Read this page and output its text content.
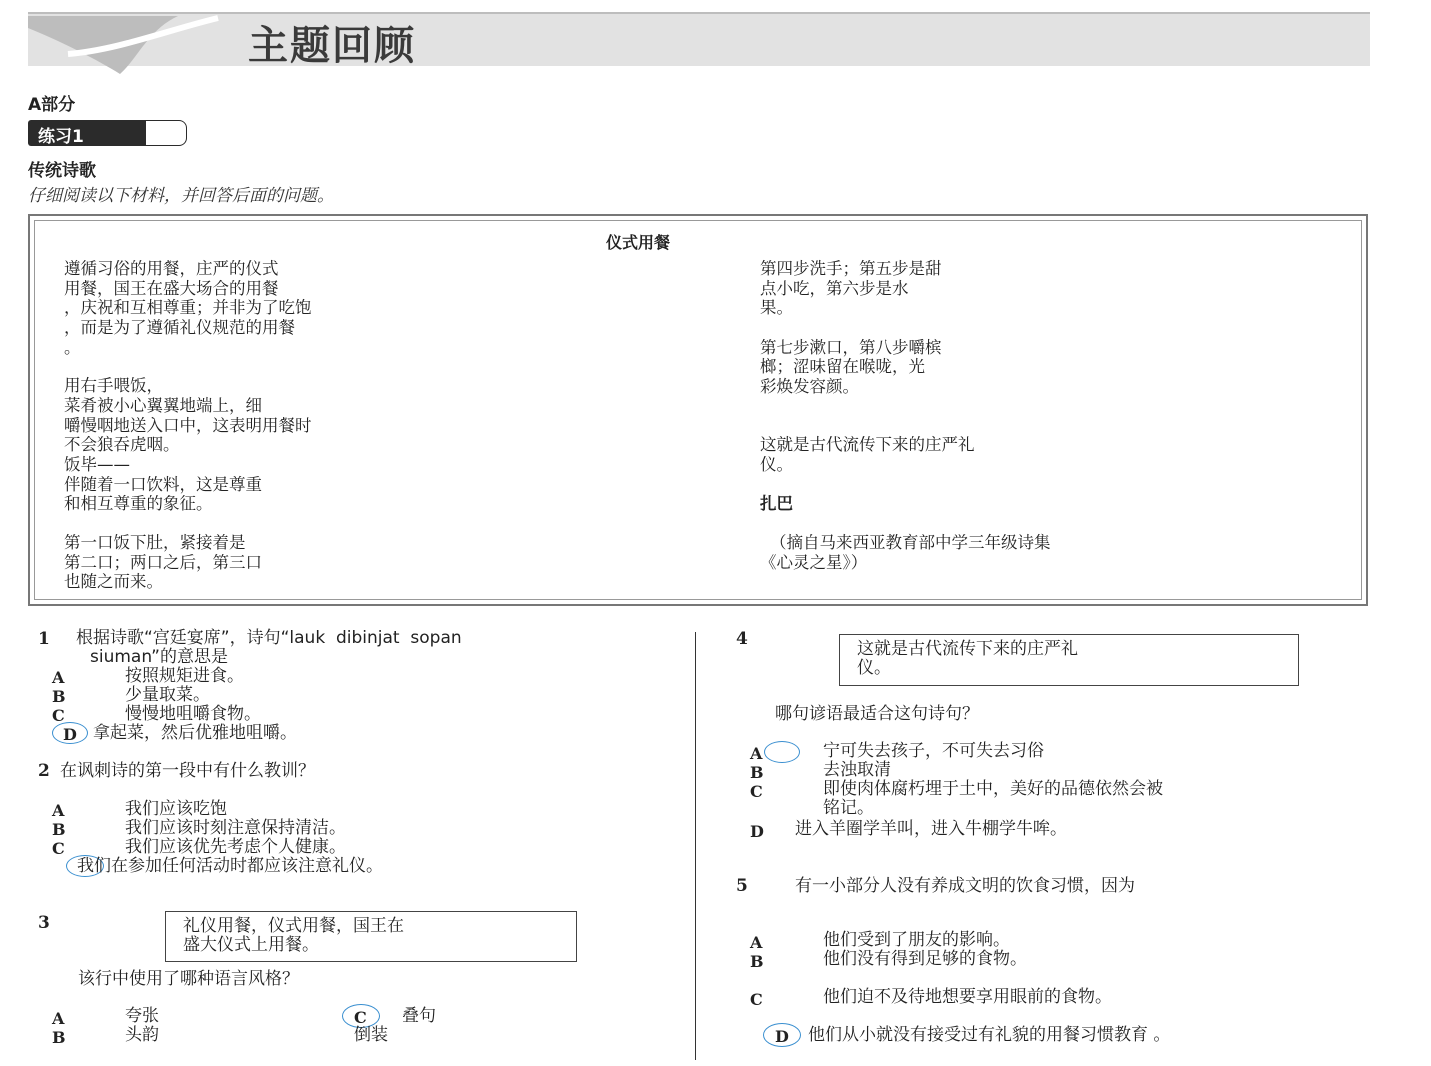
主题回顾
A部分
练习1
传统诗歌
仔细阅读以下材料，并回答后面的问题。
仪式用餐
遵循习俗的用餐，庄严的仪式
用餐，国王在盛大场合的用餐
，庆祝和互相尊重；并非为了吃饱
，而是为了遵循礼仪规范的用餐
。
用右手喂饭，
菜肴被小心翼翼地端上，细
嚼慢咽地送入口中，这表明用餐时
不会狼吞虎咽。
饭毕——
伴随着一口饮料，这是尊重
和相互尊重的象征。
第一口饭下肚，紧接着是
第二口；两口之后，第三口
也随之而来。
第四步洗手；第五步是甜
点小吃，第六步是水
果。
第七步漱口，第八步嚼槟
榔；涩味留在喉咙，光
彩焕发容颜。
这就是古代流传下来的庄严礼
仪。
扎巴
（摘自马来西亚教育部中学三年级诗集
《心灵之星》）
1 根据诗歌“宫廷宴席”，诗句“lauk  dibinjat  sopan
siuman”的意思是
A	按照规矩进食。
B	少量取菜。
C	慢慢地咀嚼食物。
D 拿起菜，然后优雅地咀嚼。
2 在讽刺诗的第一段中有什么教训？
A	我们应该吃饱
B	我们应该时刻注意保持清洁。
C	我们应该优先考虑个人健康。
我们在参加任何活动时都应该注意礼仪。
3	礼仪用餐，仪式用餐，国王在
盛大仪式上用餐。
该行中使用了哪种语言风格？
A	夸张
B	头韵
C 叠句
倒装
4	这就是古代流传下来的庄严礼
仪。
哪句谚语最适合这句诗句？
A	宁可失去孩子，不可失去习俗
B	去浊取清
C	即使肉体腐朽埋于土中，美好的品德依然会被
铭记。
D 进入羊圈学羊叫，进入牛棚学牛哞。
5	有一小部分人没有养成文明的饮食习惯，因为
A	他们受到了朋友的影响。
B	他们没有得到足够的食物。
C	他们迫不及待地想要享用眼前的食物。
D 他们从小就没有接受过有礼貌的用餐习惯教育 。
